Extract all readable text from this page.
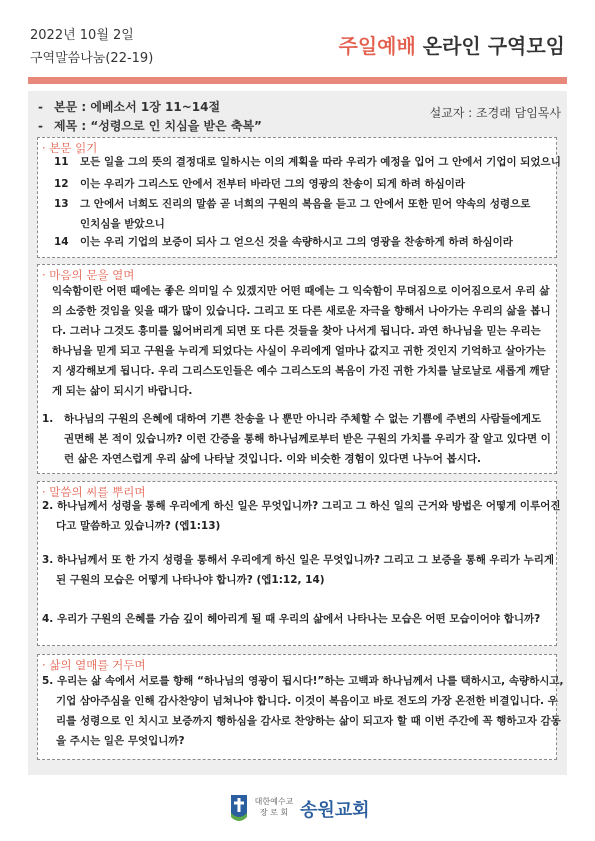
2022년 10월 2일
구역말씀나눔(22-19)
주일예배 온라인 구역모임
- 본문 : 에베소서 1장 11~14절
- 제목 : “성령으로 인 치심을 받은 축복”
설교자 : 조경래 담임목사
· 본문 읽기
11 모든 일을 그의 뜻의 결정대로 일하시는 이의 계획을 따라 우리가 예정을 입어 그 안에서 기업이 되었으니
12 이는 우리가 그리스도 안에서 전부터 바라던 그의 영광의 찬송이 되게 하려 하심이라
13 그 안에서 너희도 진리의 말씀 곧 너희의 구원의 복음을 듣고 그 안에서 또한 믿어 약속의 성령으로
인치심을 받았으니
14 이는 우리 기업의 보증이 되사 그 얻으신 것을 속량하시고 그의 영광을 찬송하게 하려 하심이라
· 마음의 문을 열며
익숙함이란 어떤 때에는 좋은 의미일 수 있겠지만 어떤 때에는 그 익숙함이 무뎌짐으로 이어짐으로서 우리 삶의 소중한 것임을 잊을 때가 많이 있습니다. 그리고 또 다른 새로운 자극을 향해서 나아가는 우리의 삶을 봅니다. 그러나 그것도 흥미를 잃어버리게 되면 또 다른 것들을 찾아 나서게 됩니다. 과연 하나님을 믿는 우리는 하나님을 믿게 되고 구원을 누리게 되었다는 사실이 우리에게 얼마나 값지고 귀한 것인지 기억하고 살아가는지 생각해보게 됩니다. 우리 그리스도인들은 예수 그리스도의 복음이 가진 귀한 가치를 날로날로 새롭게 깨닫게 되는 삶이 되시기 바랍니다.
1. 하나님의 구원의 은혜에 대하여 기쁜 찬송을 나 뿐만 아니라 주체할 수 없는 기쁨에 주변의 사람들에게도 권면해 본 적이 있습니까? 이런 간증을 통해 하나님께로부터 받은 구원의 가치를 우리가 잘 알고 있다면 이런 삶은 자연스럽게 우리 삶에 나타날 것입니다. 이와 비슷한 경험이 있다면 나누어 봅시다.
· 말씀의 씨를 뿌리며
2. 하나님께서 성령을 통해 우리에게 하신 일은 무엇입니까? 그리고 그 하신 일의 근거와 방법은 어떻게 이루어진다고 말씀하고 있습니까? (엡1:13)
3. 하나님께서 또 한 가지 성령을 통해서 우리에게 하신 일은 무엇입니까? 그리고 그 보증을 통해 우리가 누리게 된 구원의 모습은 어떻게 나타나야 합니까? (엡1:12, 14)
4. 우리가 구원의 은혜를 가슴 깊이 헤아리게 될 때 우리의 삶에서 나타나는 모습은 어떤 모습이어야 합니까?
· 삶의 열매를 거두며
5. 우리는 삶 속에서 서로를 향해 “하나님의 영광이 됩시다!”하는 고백과 하나님께서 나를 택하시고, 속량하시고, 기업 삼아주심을 인해 감사찬양이 넘쳐나야 합니다. 이것이 복음이고 바로 전도의 가장 온전한 비결입니다. 우리를 성령으로 인 치시고 보증까지 행하심을 감사로 찬양하는 삶이 되고자 할 때 이번 주간에 꼭 행하고자 감동을 주시는 일은 무엇입니까?
대한예수교
장 로 회 송원교회
